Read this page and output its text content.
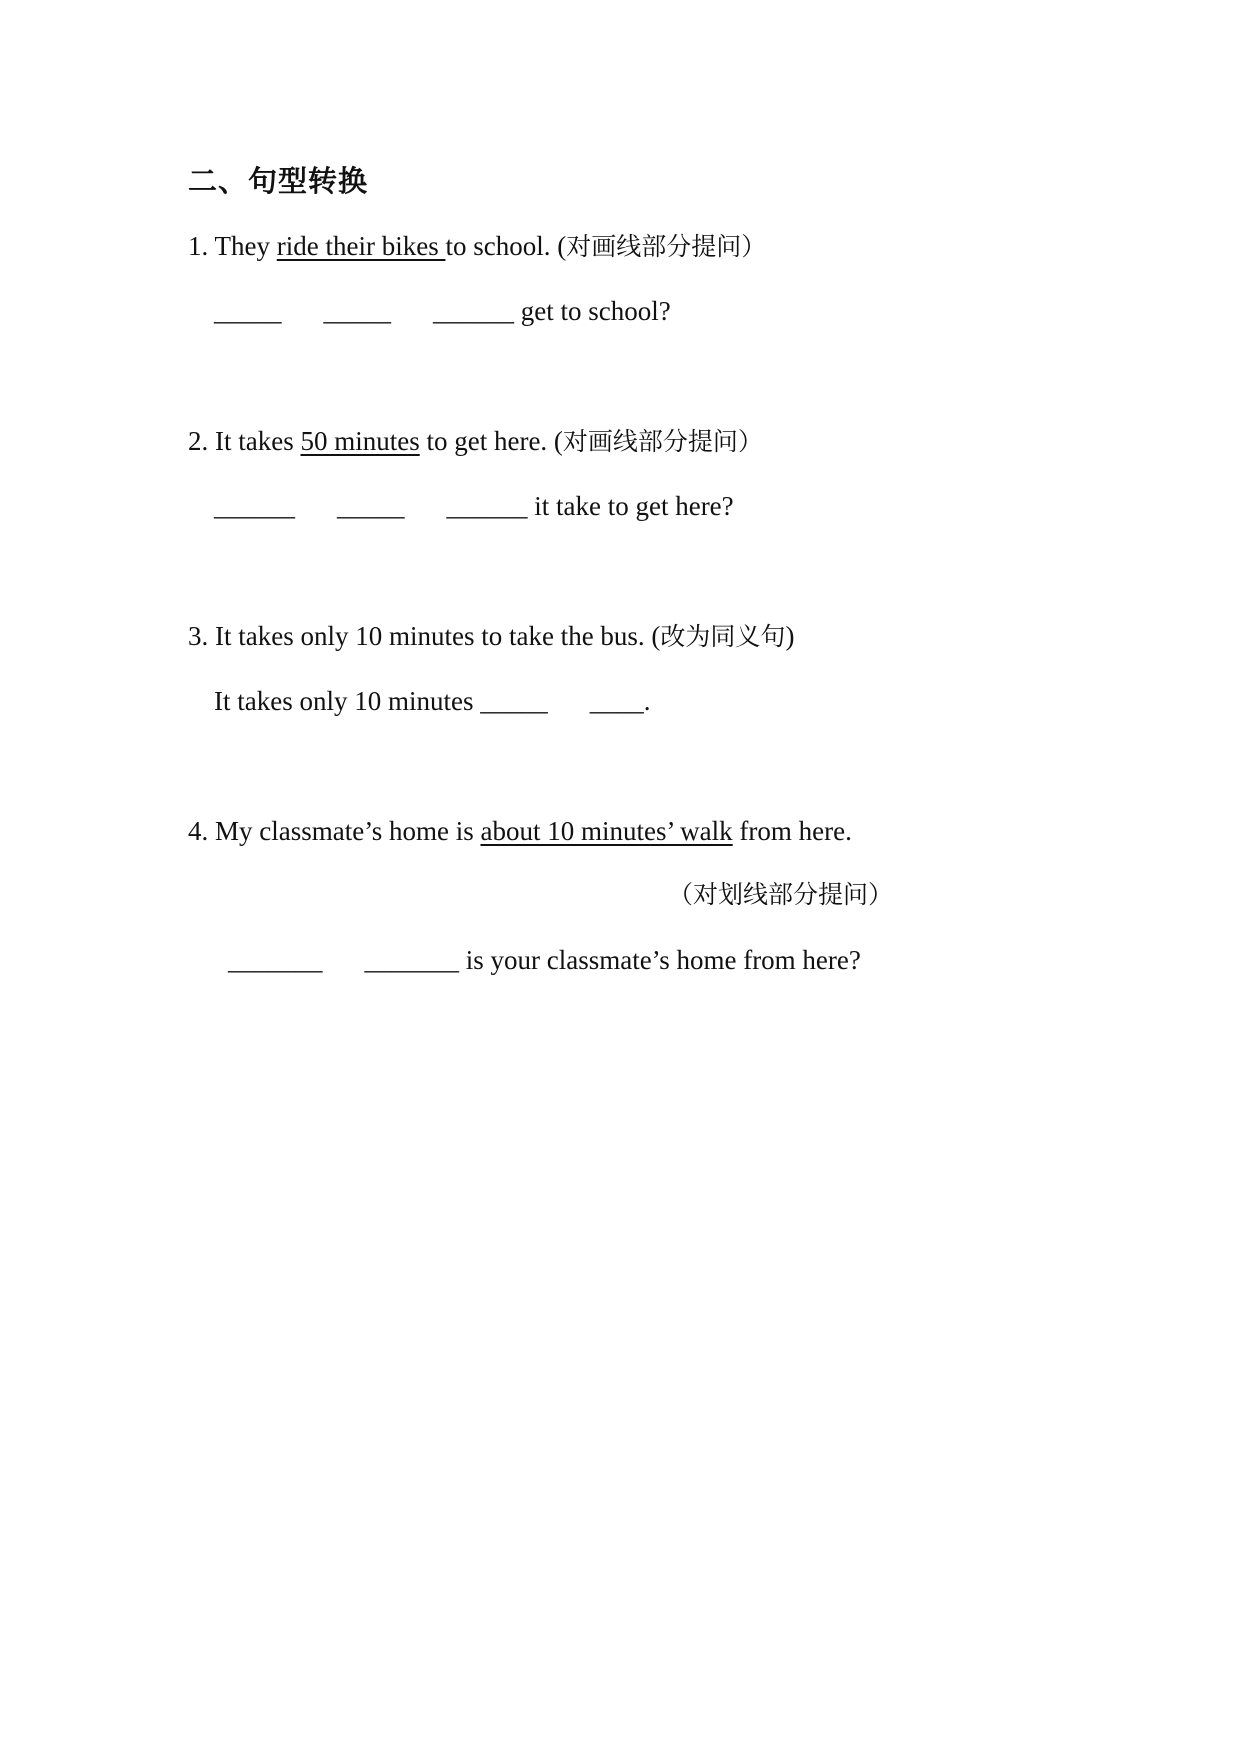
二、句型转换
1. They ride their bikes to school. (对画线部分提问）
_____ _____ ______ get to school?
2. It takes 50 minutes to get here. (对画线部分提问）
______ _____ ______ it take to get here?
3. It takes only 10 minutes to take the bus. (改为同义句)
It takes only 10 minutes _____ ____.
4. My classmate’s home is about 10 minutes’ walk from here.
（对划线部分提问）
_______ _______ is your classmate’s home from here?
